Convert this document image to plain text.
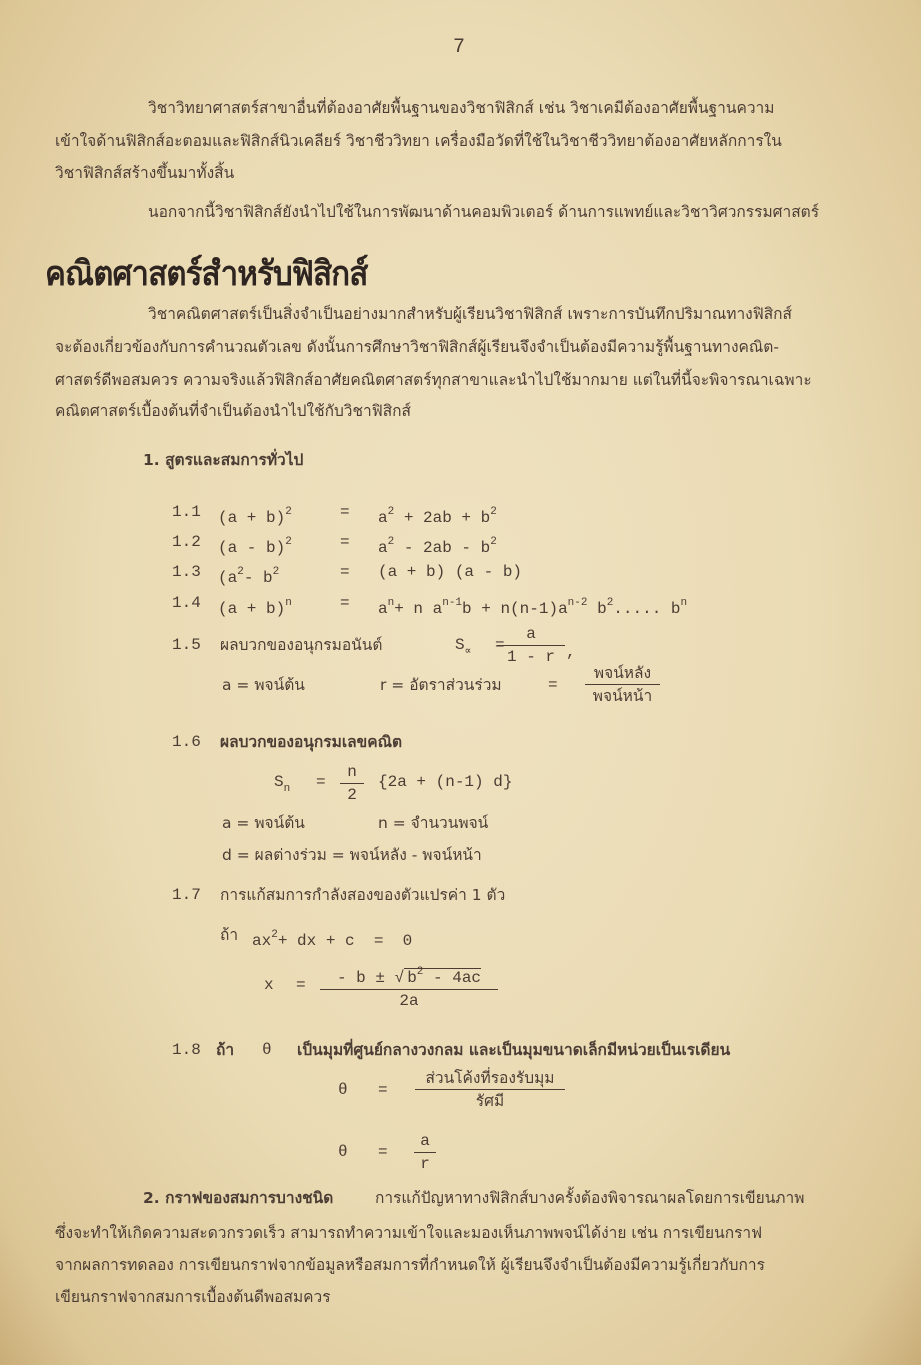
7
วิชาวิทยาศาสตร์สาขาอื่นที่ต้องอาศัยพื้นฐานของวิชาฟิสิกส์ เช่น วิชาเคมีต้องอาศัยพื้นฐานความ
เข้าใจด้านฟิสิกส์อะตอมและฟิสิกส์นิวเคลียร์ วิชาชีววิทยา เครื่องมือวัดที่ใช้ในวิชาชีววิทยาต้องอาศัยหลักการใน
วิชาฟิสิกส์สร้างขึ้นมาทั้งสิ้น
นอกจากนี้วิชาฟิสิกส์ยังนำไปใช้ในการพัฒนาด้านคอมพิวเตอร์ ด้านการแพทย์และวิชาวิศวกรรมศาสตร์
คณิตศาสตร์สำหรับฟิสิกส์
วิชาคณิตศาสตร์เป็นสิ่งจำเป็นอย่างมากสำหรับผู้เรียนวิชาฟิสิกส์ เพราะการบันทึกปริมาณทางฟิสิกส์
จะต้องเกี่ยวข้องกับการคำนวณตัวเลข ดังนั้นการศึกษาวิชาฟิสิกส์ผู้เรียนจึงจำเป็นต้องมีความรู้พื้นฐานทางคณิต-
ศาสตร์ดีพอสมควร ความจริงแล้วฟิสิกส์อาศัยคณิตศาสตร์ทุกสาขาและนำไปใช้มากมาย แต่ในที่นี้จะพิจารณาเฉพาะ
คณิตศาสตร์เบื้องต้นที่จำเป็นต้องนำไปใช้กับวิชาฟิสิกส์
1. สูตรและสมการทั่วไป
1.1 $(a + b)^2$	= $a^2 + 2ab + b^2$
1.2 (a - b)$^2$	= $a^2 - 2ab - b^2$
1.3 ($a^2-$ $b^2$	= (a + b) (a - b)
1.4 $(a + b)^n$	= $a^n+ n$ $a^{n-1}b + n(n-1)a^{n-2}$ $b^2$..... $b^n$
1.5 ผลบวกของอนุกรมอนันต์	$S_\propto$ =
$\frac{a}{1 - r}$ ,
a = พจน์ต้น	r = อัตราส่วนร่วม	=
พจน์หลัง
พจน์หน้า
1.6 ผลบวกของอนุกรมเลขคณิต
$S_n = \frac{n}{2} \{2a + (n-1)$ d}
a = พจน์ต้น	n = จำนวนพจน์
d = ผลต่างร่วม = พจน์หลัง - พจน์หน้า
1.7 การแก้สมการกำลังสองของตัวแปรค่า 1 ตัว
ถ้า $ax^2+$ dx + c  =  0
$x = \frac{- b \pm √ b^2 - 4ac}{2a}$
1.8 ถ้า θ เป็นมุมที่ศูนย์กลางวงกลม และเป็นมุมขนาดเล็กมีหน่วยเป็นเรเดียน
θ =
ส่วนโค้งที่รองรับมุม
รัศมี
$\theta = \frac{a}{r}$
2. กราฟของสมการบางชนิด	การแก้ปัญหาทางฟิสิกส์บางครั้งต้องพิจารณาผลโดยการเขียนภาพ
ซึ่งจะทำให้เกิดความสะดวกรวดเร็ว สามารถทำความเข้าใจและมองเห็นภาพพจน์ได้ง่าย เช่น การเขียนกราฟ
จากผลการทดลอง การเขียนกราฟจากข้อมูลหรือสมการที่กำหนดให้ ผู้เรียนจึงจำเป็นต้องมีความรู้เกี่ยวกับการ
เขียนกราฟจากสมการเบื้องต้นดีพอสมควร
